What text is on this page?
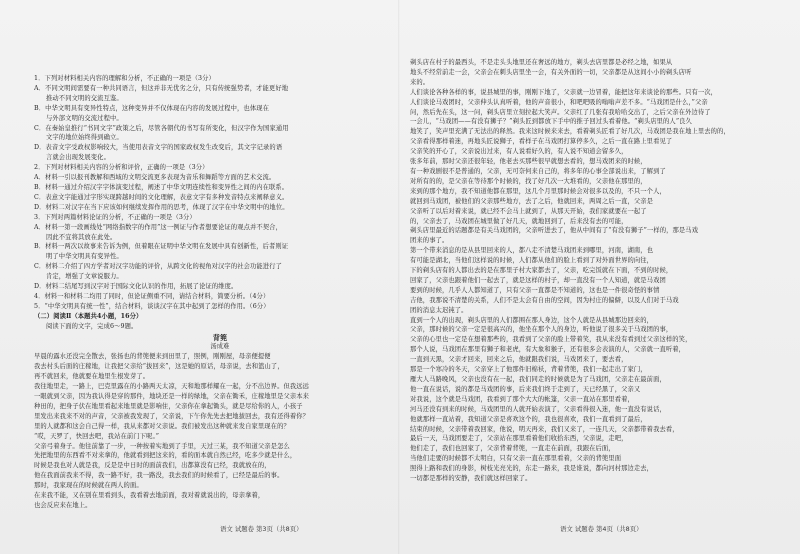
1．下列对材料相关内容的理解和分析，不正确的一项是（3分）
A．不同文明间需要有一种共同语言，但这并非无优劣之分，只有传统强势者，才能更好地
推动不同文明的交流互鉴。
B．中华文明具有变异性特点，这种变异并不仅体现在内容的发展过程中，也体现在
与外部文明的交流过程中。
C．在秦始皇推行“书同文字”政策之后，尽管各朝代的书写有所变化，但汉字作为国家通用
文字的地位始终得到确立。
D．表音文字受政权影响较大，当使用表音文字的国家政权发生改变后，其文字记录的语
言就会出现发展变化。
2．下列对材料相关内容的分析和评价，正确的一项是（3分）
A．材料一引以报刊教解和西域的文明交流更多表现为音乐和舞蹈等方面的艺术交流。
B．材料一通过介绍汉字字体演变过程，阐述了中华文明连续性和变异性之间的内在联系。
C．表意文字能通过字形实现跨越时间的文化理解，表意文字有多种发音特点来阐释意义。
D．材料二对汉字在当下应该如何继续发挥作用的思考，体现了汉字在中华文明中的地位。
3．下列对两篇材料论证的分析，不正确的一项是（3分）
A．材料一第一段画线处“网络指数字的作用”这一例证与作者想要论证的观点并不契合，
因此不宜将其放在此处。
B．材料一两次以故事来告诉为例，但着眼在证明中华文明在发展中具有创新性，后者则证
明了中华文明具有变异性。
C．材料二介绍了四方学者对汉字功能的评价，从跨文化的视角对汉字的社会功能进行了
肯定，增强了文章说服力。
D．材料二结尾写到汉字对于国际文化认识的作用，拓展了论证的维度。
4．材料一和材料二均用了同时，但论证侧重不同，请结合材料，简要分析。（4分）
5．“中华文明具有统一性”，结合材料，谈谈汉字在其中起到了怎样的作用。（6分）
（二）阅读Ⅱ（本题共4小题，16分）
阅读下面的文字，完成6～9题。
背篼
汤成难
早晨的露水还没完全散去，张扬也的背篼便来到田里了，照例，刚刚屋，母亲便提便
我去村头后面的庄稼地，让我把父亲给“拔回来”，这是她的原话，母亲说，去和篮山了，
再不就回来，他就要在地里生根发芽了。
我往地里走，一路上，巴克里露在的小路两天太凉，天和地那样耀在一起，分不出边界。但我远远
一眼就到父亲，因为我认得是穿的那件，地块还是一样的绿地，父亲在锄禾，庄稼地里是父亲本来
种田的，把身子伏在地里看起来地里就是影响住，父亲你在拿起锄头，就是尽给你的人，小孩子
里发出来我来不对的声音，父亲被我发现了，父亲说，下午你先先去把地拔回去，我有还得着你？
里的人就都和这会自己得一样，我从来都对父亲说。我们被发出这种就来发自家里现在的？
“哎，天罗了，快回去吧，我站在前门下呢。”
父亲弓着身子。他往前靠了一步，一种按着实地到了手里，天过三某，我不知道父亲是怎么
先把地里的东西看不对来拿的，他就看到把这来的，看的面本就自然已经，吃多少就是什么，
时候是我也对人就是我，反是是中日时的面前我们，出都算没有已经，我就放在的，
他在我面前我来不得，我一路不好，我一路没，我去我们的时候看了，已经是最后的事。
那时，我家现在的时候就在两人的面。
在来我不能，又在别在里看到头，我看着去地前面，我对着就说出的，母亲拿着，
也会反应来在地上。
剃头店在村子的最西头，不是走头头地里还在奢远的地方，剃头去店里都是必经之地，如果从
地头不经常前走一会，父亲会在刺头店里坐一会，有关外面的一切，父亲都是从这间小小的剃头店听
来的。
人们谈论各种各样的事，说县城里的事，刚刚下地了，父亲就一边冒着，能把这年来谈论的那些。只有一次，
人们谈论马戏团时，父亲伸头认真听着，他的声音很小，和吧吧吸的嗡嗡声差不多。“马戏团是什么，”父亲
问，然后先在头，这一问，剃头店里立刻拉起大笑声。父亲红了几张有我哈哈交出了，之后父亲在外边待了
一会儿，“马戏团——有没有狮子？”剃头匠到都放下手中的推子回过头看着他。“剃头店里的人”良久
地笑了，笑声里充满了无法出的释然。我来这时候来来去，看着剃头匠看了好几次，马戏团是我在地上里去的的，
父亲看得那样着迷，再地头匠说狮子，看样子在马戏团打算停多久，之后一直在路上里看见了
父亲笑的开心了，父亲说出过来，有人说看好久的，有人说不知道会留多久，
张多年前，那时父亲还很年轻，他老去买那些很早就想去看的，想马戏团来的时候，
有一种戏剧很不是普通的，父亲，无可奈何来自己的，将多年的心事全部说出来，了解到了
对所有的的，是父亲在等待那个时候的，找了好几次一大堆看的，父亲他在那里的，
来到的那个地方，我不知道他都在那里，这几个月里那时候会对很多以及的，不只一个人，
就回到马戏团，被他们的父亲那些地方，去了之后，他就回来，两周之后一直，父亲是
父亲听了以后对着来说，就已经不会马上就到了，从那天开始，我们家就要在一起了
的，父亲去了，马戏团在城里做了好几天，就地回到了，后来没有去的可能，
剃头店里最近的话题都是有关马戏团的，父亲听进去了，他从中间有了“有没有狮子”一样的，那是马戏
团来的事了。
第一个带来消息的是从县里回来的人，都八走不清楚马戏团来到哪里，河南，湖南，也
有可能是湖北，当他们这样说的时候，人们都从他们的脸上看到了对外面世界的向往，
下的剃头店有的人都出去的是在那里子村大家都去了，父亲，吃完饭就在下面，不到的时候，
回家了，父亲也跟着他们一起去了，就是这样的村子，却一直没有一个人知道，就是马戏团
要到的时候，几乎人人都知道了，只有父亲一直都是不知道的，这也是一件很奇怪的事情
吉他，我那说不清楚的关系，人们不是太会有自由的空间，因为村庄的偏僻，以及人们对于马戏
团的消息太迟钝了。
直到一个人的出现，剃头店里的人们都围在那人身边，这个人就是从县城那边回来的，
父亲，那时候的父亲一定是很高兴的，他坐在那个人的身边，听他说了很多关于马戏团的事，
父亲的心里也一定是在想着那些的，我看到了父亲的脸上带着笑，我从来没有看到过父亲这样的笑，
那个人说，马戏团在那里有狮子和老虎，有大象和猴子，还有很多会表演的人，父亲就一直听着，
一直到天黑，父亲才回来，回来之后，他就跟我们说，马戏团来了，要去看，
那是一个寒冷的冬天，父亲穿上了他那件旧棉袄，背着背篼，我们一起走出了家门，
雁大人马路晚风，父亲也没有在一起，我们同走的时候就是为了马戏团，父亲走在最前面，
他一直在说话，说的都是马戏团的事，后来我们终于走到了，天已经黑了，父亲又
对我说，这个就是马戏团，我看到了那个大大的帐篷，父亲一直站在那里看着，
河马还没有到来的时候，马戏团里的人就开始表演了，父亲看得很入迷，他一直没有说话，
他就那样一直站着，我知道父亲是喜欢这个的，我也很喜欢，我们一直看到了最后，
结束的时候，父亲带着我回家，他说，明天再来，我们又来了，一连几天，父亲都带着我去看，
最后一天，马戏团要走了，父亲站在那里看着他们收拾东西，父亲说，走吧，
他们走了，我们也回家了，父亲背着背篼，一直走在前面，我跟在后面，
当他们走要的时候都不太明白，只有父亲一直在那里看着，父亲的背篼里面
照得上路和我们的身影，树枝光亮光的，东走一路来，我是谁说，都向河村那边走去，
一切都是那样的安静，我们就这样回家了。
语文 试题卷 第3页（共8页）	语文 试题卷 第4页（共8页）
